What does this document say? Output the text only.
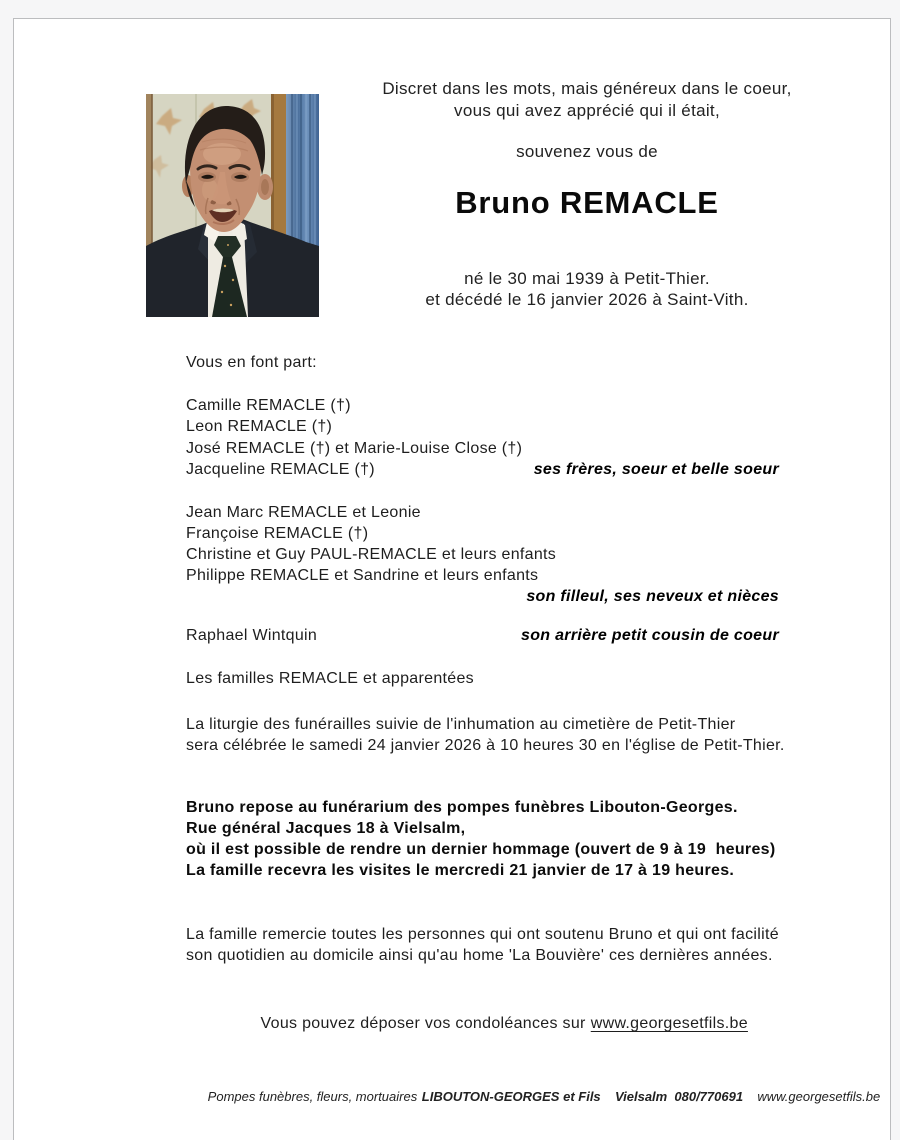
Discret dans les mots, mais généreux dans le coeur,
vous qui avez apprécié qui il était,
souvenez vous de
Bruno REMACLE
né le 30 mai 1939 à Petit-Thier.
et décédé le 16 janvier 2026 à Saint-Vith.
Vous en font part:
Camille REMACLE (†)
Leon REMACLE (†)
José REMACLE (†) et Marie-Louise Close (†)
Jacqueline REMACLE (†)	ses frères, soeur et belle soeur
Jean Marc REMACLE et Leonie
Françoise REMACLE (†)
Christine et Guy PAUL-REMACLE et leurs enfants
Philippe REMACLE et Sandrine et leurs enfants
son filleul, ses neveux et nièces
Raphael Wintquin	son arrière petit cousin de coeur
Les familles REMACLE et apparentées
La liturgie des funérailles suivie de l'inhumation au cimetière de Petit-Thier
sera célébrée le samedi 24 janvier 2026 à 10 heures 30 en l'église de Petit-Thier.
Bruno repose au funérarium des pompes funèbres Libouton-Georges.
Rue général Jacques 18 à Vielsalm,
où il est possible de rendre un dernier hommage (ouvert de 9 à 19  heures)
La famille recevra les visites le mercredi 21 janvier de 17 à 19 heures.
La famille remercie toutes les personnes qui ont soutenu Bruno et qui ont facilité
son quotidien au domicile ainsi qu'au home 'La Bouvière' ces dernières années.

Vous pouvez déposer vos condoléances sur www.georgesetfils.be

Pompes funèbres, fleurs, mortuaires LIBOUTON-GEORGES et Fils Vielsalm 080/770691 www.georgesetfils.be
